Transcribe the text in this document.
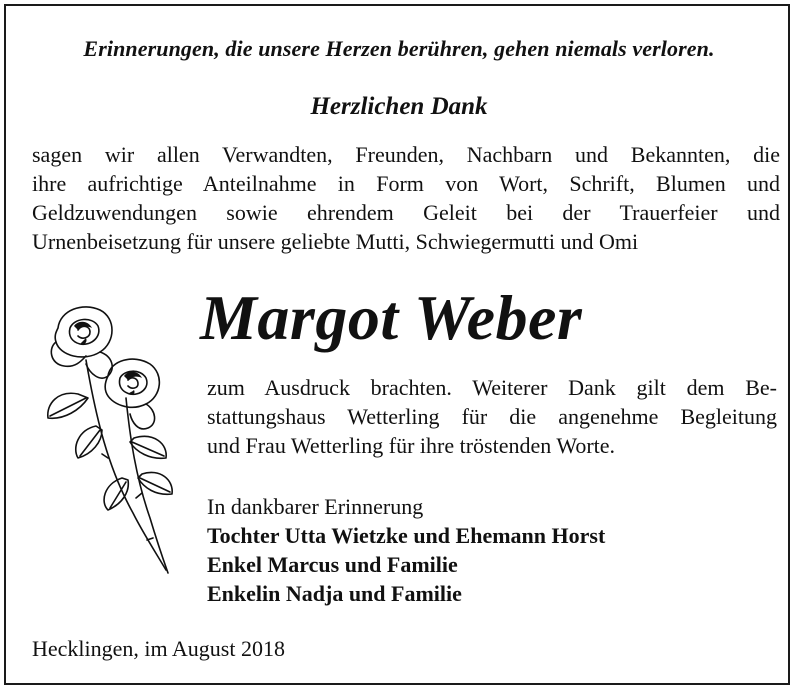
Erinnerungen, die unsere Herzen berühren, gehen niemals verloren.
Herzlichen Dank
sagen wir allen Verwandten, Freunden, Nachbarn und Bekannten, die
ihre aufrichtige Anteilnahme in Form von Wort, Schrift, Blumen und
Geldzuwendungen sowie ehrendem Geleit bei der Trauerfeier und
Urnenbeisetzung für unsere geliebte Mutti, Schwiegermutti und Omi
Margot Weber
zum Ausdruck brachten. Weiterer Dank gilt dem Be-
stattungshaus Wetterling für die angenehme Begleitung
und Frau Wetterling für ihre tröstenden Worte.
In dankbarer Erinnerung
Tochter Utta Wietzke und Ehemann Horst
Enkel Marcus und Familie
Enkelin Nadja und Familie
Hecklingen, im August 2018
